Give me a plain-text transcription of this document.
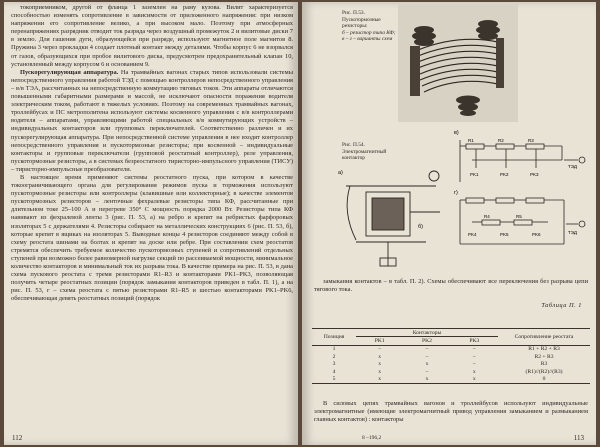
токоприемником, другой от фланца 1 заземлен на раму кузова. Вилит характеризуется способностью изменять сопротивление в зависимости от приложенного напряжения: при низком напряжении его сопротивление велико, а при высоком мало. Поэтому при атмосферных перенапряжениях разрядник отводит ток разряда через воздушный промежуток 2 и вилитовые диски 7 в землю. Для гашения дуги, образующейся при разряде, используют магнитное поле магнитов 8. Пружина 3 через прокладки 4 создает плотный контакт между деталями. Чтобы корпус 6 не взорвался от газов, образующихся при пробое вилитового диска, предусмотрен предохранительный клапан 10, установленный между корпусом 6 и основанием 9.

Пускорегулирующая аппаратура. На трамвайных вагонах старых типов использовали системы непосредственного управления работой ТЭД с помощью контроллеров непосредственного управления – в/в ТЭА, рассчитанных на непосредственную коммутацию тяговых токов. Эти аппараты отличаются повышенными габаритными размерами и массой, не исключают опасности поражения водителя электрическим током, работают в тяжелых условиях. Поэтому на современных трамвайных вагонах, троллейбусах и ПС метрополитена используют системы косвенного управления с в/в контроллерами водителя – аппаратами, управляющими работой специальных в/в коммутирующих устройств – индивидуальных контакторов или групповых переключателей. Соответственно различен и их пускорегулирующая аппаратура. При непосредственной системе управления в нее входят контроллер непосредственного управления и пускотормозные резисторы; при косвенной – индивидуальные контакторы и групповые переключатели (групповой реостатный контроллер), реле управления, пускотормозные резисторы, а в системах безреостатного тиристорно-импульсного управления (ТИСУ) – тиристорно-импульсные преобразователи.

В настоящее время применяют системы реостатного пуска, при котором в качестве токоограничивающего органа для регулирования режимов пуска и торможения используют пускотормозные резисторы или контроллеры (клавишные или коллекторные); в качестве элементов пускотормозных резисторов – ленточные фехралевые резисторы типа КФ, рассчитанные при длительном токе 25–100 А и перегреве 350° С мощность порядка 2000 Вт. Резисторы типа КФ навивают из фехралевой ленты 3 (рис. П. 53, а) на ребро и крепят на ребристых фарфоровых изоляторах 5 с держателями 4. Резисторы собирают на металлических конструкциях 6 (рис. П. 53, б), которые крепят в ящиках на изоляторах 5. Выводные концы 4 резисторов соединяют между собой в схему реостата шинами на болтах и крепят на доске или ребре. При составлении схем реостатов стремятся обеспечить требуемое количество пускотормозных ступеней и сопротивлений отдельных ступеней при возможно более равномерной нагрузке секций по рассеиваемой мощности, минимальное количество контакторов и минимальный ток их разрыва тока. В качестве примера на рис. П. 53, в дана схема пускового реостата с тремя резисторами R1–R3 и контакторами PK1–PK3, позволяющая получить четыре реостатных позиции (порядок замыкания контакторов приведен в табл. П. 1), а на рис. П. 53, г – схема реостата с пятью резисторами R1–R5 и шестью контакторами PK1–PK6, обеспечивающая девять реостатных позиций (порядок

112
Рис. П.53. Пускотормозные резисторы:
б – резистор типа КФ; в – г – варианты схем
Рис. П.54. Электромагнитный контактор
в)
R1	R2	R3
PK1	PK2	PK3
ТЭД
г)
R4	R5
PK4	PK5	PK6	ТЭД
а)
б)

замыкания контактов – в табл. П. 2). Схемы обеспечивают все переключения без разрыва цепи тягового тока.

Таблица П. 1
Позиция	Контакторы			Сопротивление реостата
	PK1	PK2	PK3	
1	–	–	–	R1 + R2 + R3
2	x	–	–	R2 + R3
3	x	x	–	R3
4	x	–	x	(R1)//(R2)//(R3)
5	x	x	x	0

В силовых цепях трамвайных вагонов и троллейбусов используют индивидуальные электромагнитные (имеющие электромагнитный привод управления замыканием и размыканием главных контактов) : контакторы

8 –196,2	113
